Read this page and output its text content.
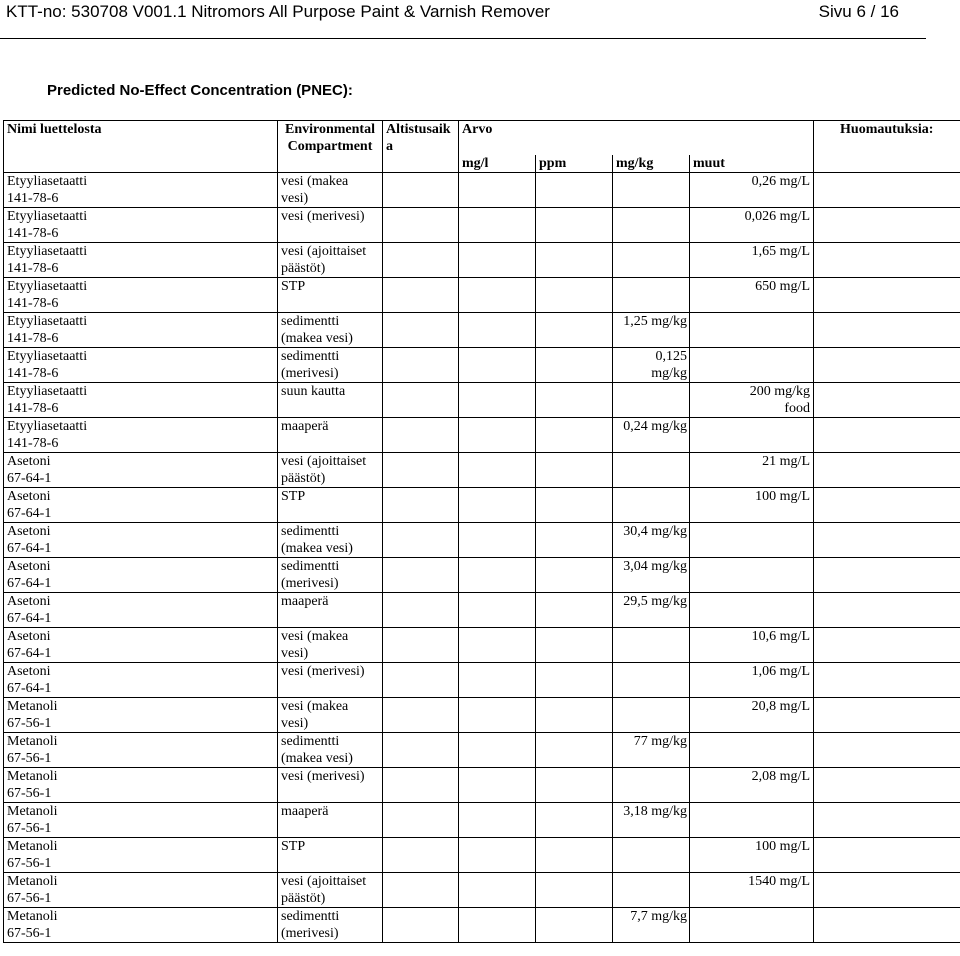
KTT-no: 530708 V001.1 Nitromors All Purpose Paint & Varnish Remover	Sivu 6 / 16
Predicted No-Effect Concentration (PNEC):
Nimi luettelosta	Environmental
Compartment	Altistusaik
a	Arvo				Huomautuksia:
			mg/l	ppm	mg/kg	muut	
Etyyliasetaatti
141-78-6	vesi (makea
vesi)					0,26 mg/L	
Etyyliasetaatti
141-78-6	vesi (merivesi)					0,026 mg/L	
Etyyliasetaatti
141-78-6	vesi (ajoittaiset
päästöt)					1,65 mg/L	
Etyyliasetaatti
141-78-6	STP					650 mg/L	
Etyyliasetaatti
141-78-6	sedimentti
(makea vesi)				1,25 mg/kg		
Etyyliasetaatti
141-78-6	sedimentti
(merivesi)				0,125
mg/kg		
Etyyliasetaatti
141-78-6	suun kautta					200 mg/kg
food	
Etyyliasetaatti
141-78-6	maaperä				0,24 mg/kg		
Asetoni
67-64-1	vesi (ajoittaiset
päästöt)					21 mg/L	
Asetoni
67-64-1	STP					100 mg/L	
Asetoni
67-64-1	sedimentti
(makea vesi)				30,4 mg/kg		
Asetoni
67-64-1	sedimentti
(merivesi)				3,04 mg/kg		
Asetoni
67-64-1	maaperä				29,5 mg/kg		
Asetoni
67-64-1	vesi (makea
vesi)					10,6 mg/L	
Asetoni
67-64-1	vesi (merivesi)					1,06 mg/L	
Metanoli
67-56-1	vesi (makea
vesi)					20,8 mg/L	
Metanoli
67-56-1	sedimentti
(makea vesi)				77 mg/kg		
Metanoli
67-56-1	vesi (merivesi)					2,08 mg/L	
Metanoli
67-56-1	maaperä				3,18 mg/kg		
Metanoli
67-56-1	STP					100 mg/L	
Metanoli
67-56-1	vesi (ajoittaiset
päästöt)					1540 mg/L	
Metanoli
67-56-1	sedimentti
(merivesi)				7,7 mg/kg		
